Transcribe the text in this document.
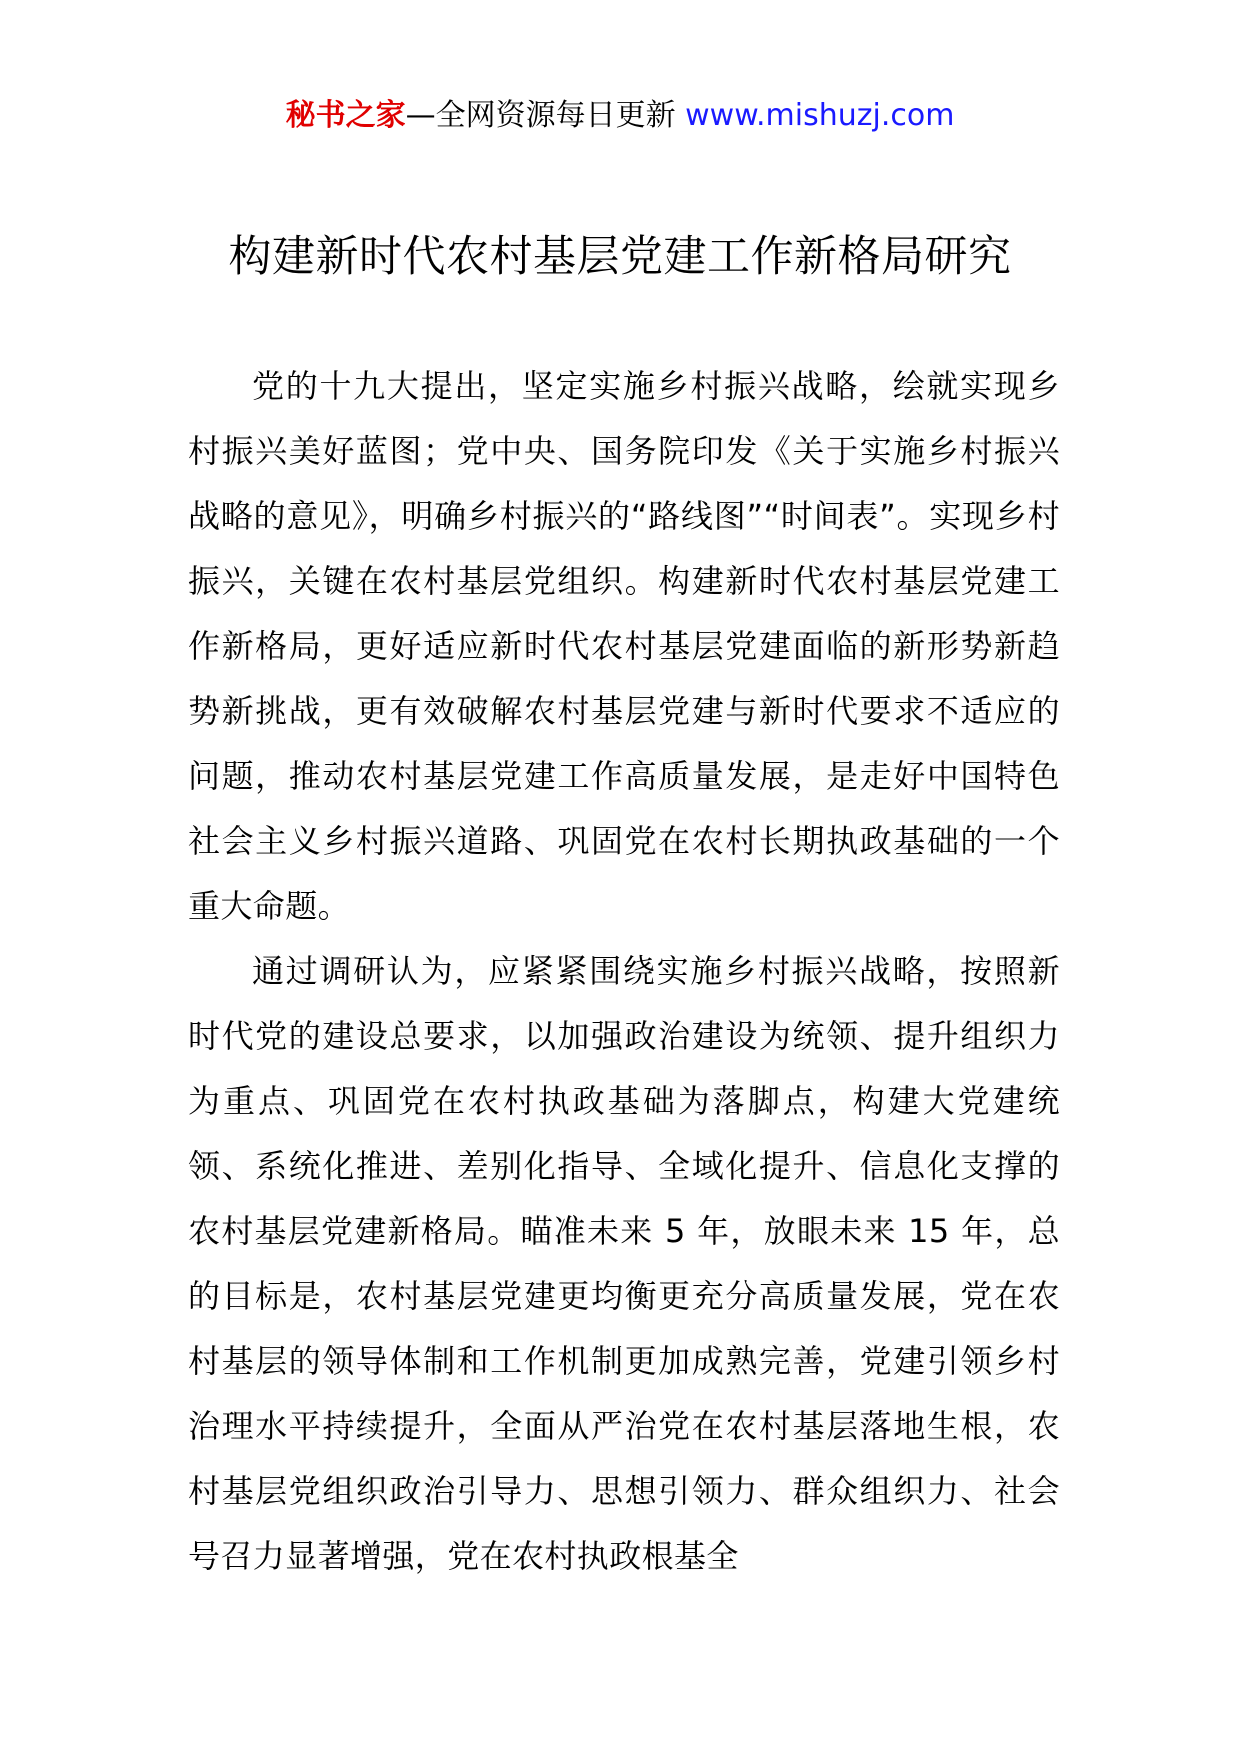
秘书之家—全网资源每日更新 www.mishuzj.com
构建新时代农村基层党建工作新格局研究

党的十九大提出，坚定实施乡村振兴战略，绘就实现乡村振兴美好蓝图；党中央、国务院印发《关于实施乡村振兴战略的意见》，明确乡村振兴的“路线图”“时间表”。实现乡村振兴，关键在农村基层党组织。构建新时代农村基层党建工作新格局，更好适应新时代农村基层党建面临的新形势新趋势新挑战，更有效破解农村基层党建与新时代要求不适应的问题，推动农村基层党建工作高质量发展，是走好中国特色社会主义乡村振兴道路、巩固党在农村长期执政基础的一个重大命题。

通过调研认为，应紧紧围绕实施乡村振兴战略，按照新时代党的建设总要求，以加强政治建设为统领、提升组织力为重点、巩固党在农村执政基础为落脚点，构建大党建统领、系统化推进、差别化指导、全域化提升、信息化支撑的农村基层党建新格局。瞄准未来 5 年，放眼未来 15 年，总的目标是，农村基层党建更均衡更充分高质量发展，党在农村基层的领导体制和工作机制更加成熟完善，党建引领乡村治理水平持续提升，全面从严治党在农村基层落地生根，农村基层党组织政治引导力、思想引领力、群众组织力、社会号召力显著增强，党在农村执政根基全
